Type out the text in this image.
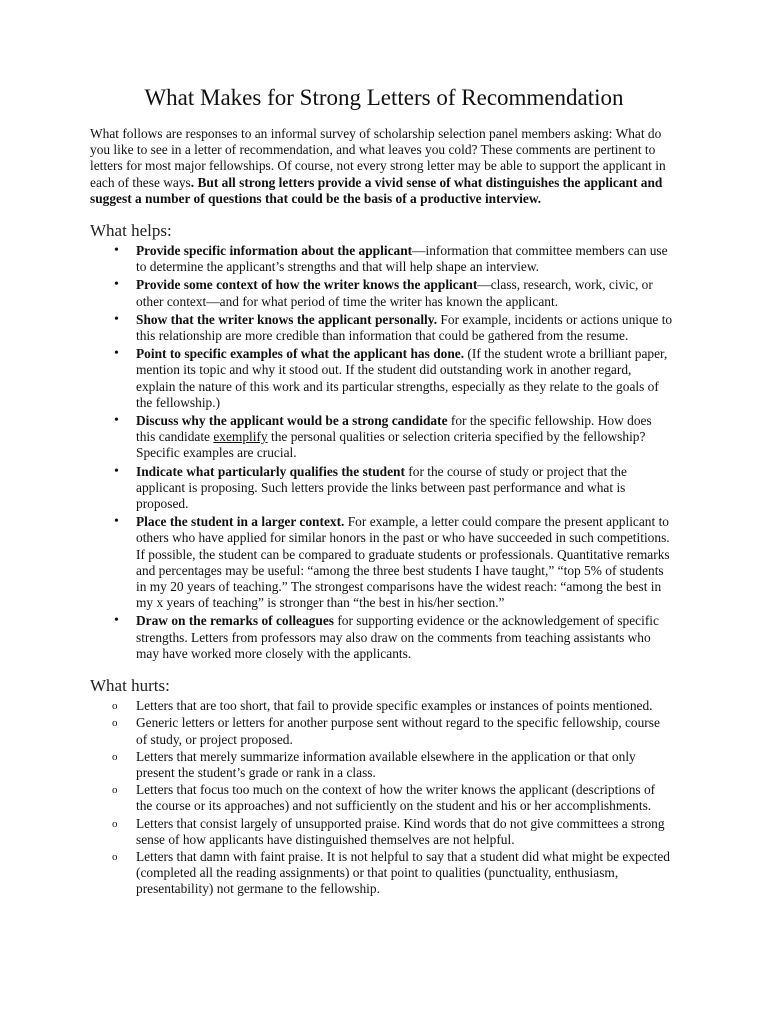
What Makes for Strong Letters of Recommendation

What follows are responses to an informal survey of scholarship selection panel members asking: What do you like to see in a letter of recommendation, and what leaves you cold? These comments are pertinent to letters for most major fellowships. Of course, not every strong letter may be able to support the applicant in each of these ways. But all strong letters provide a vivid sense of what distinguishes the applicant and suggest a number of questions that could be the basis of a productive interview.

What helps:
• Provide specific information about the applicant—information that committee members can use to determine the applicant’s strengths and that will help shape an interview.
• Provide some context of how the writer knows the applicant—class, research, work, civic, or other context—and for what period of time the writer has known the applicant.
• Show that the writer knows the applicant personally. For example, incidents or actions unique to this relationship are more credible than information that could be gathered from the resume.
• Point to specific examples of what the applicant has done. (If the student wrote a brilliant paper, mention its topic and why it stood out. If the student did outstanding work in another regard, explain the nature of this work and its particular strengths, especially as they relate to the goals of the fellowship.)
• Discuss why the applicant would be a strong candidate for the specific fellowship. How does this candidate exemplify the personal qualities or selection criteria specified by the fellowship? Specific examples are crucial.
• Indicate what particularly qualifies the student for the course of study or project that the applicant is proposing. Such letters provide the links between past performance and what is proposed.
• Place the student in a larger context. For example, a letter could compare the present applicant to others who have applied for similar honors in the past or who have succeeded in such competitions. If possible, the student can be compared to graduate students or professionals. Quantitative remarks and percentages may be useful: “among the three best students I have taught,” “top 5% of students in my 20 years of teaching.” The strongest comparisons have the widest reach: “among the best in my x years of teaching” is stronger than “the best in his/her section.”
• Draw on the remarks of colleagues for supporting evidence or the acknowledgement of specific strengths. Letters from professors may also draw on the comments from teaching assistants who may have worked more closely with the applicants.
What hurts:
o Letters that are too short, that fail to provide specific examples or instances of points mentioned.
o Generic letters or letters for another purpose sent without regard to the specific fellowship, course of study, or project proposed.
o Letters that merely summarize information available elsewhere in the application or that only present the student’s grade or rank in a class.
o Letters that focus too much on the context of how the writer knows the applicant (descriptions of the course or its approaches) and not sufficiently on the student and his or her accomplishments.
o Letters that consist largely of unsupported praise. Kind words that do not give committees a strong sense of how applicants have distinguished themselves are not helpful.
o Letters that damn with faint praise. It is not helpful to say that a student did what might be expected (completed all the reading assignments) or that point to qualities (punctuality, enthusiasm, presentability) not germane to the fellowship.
